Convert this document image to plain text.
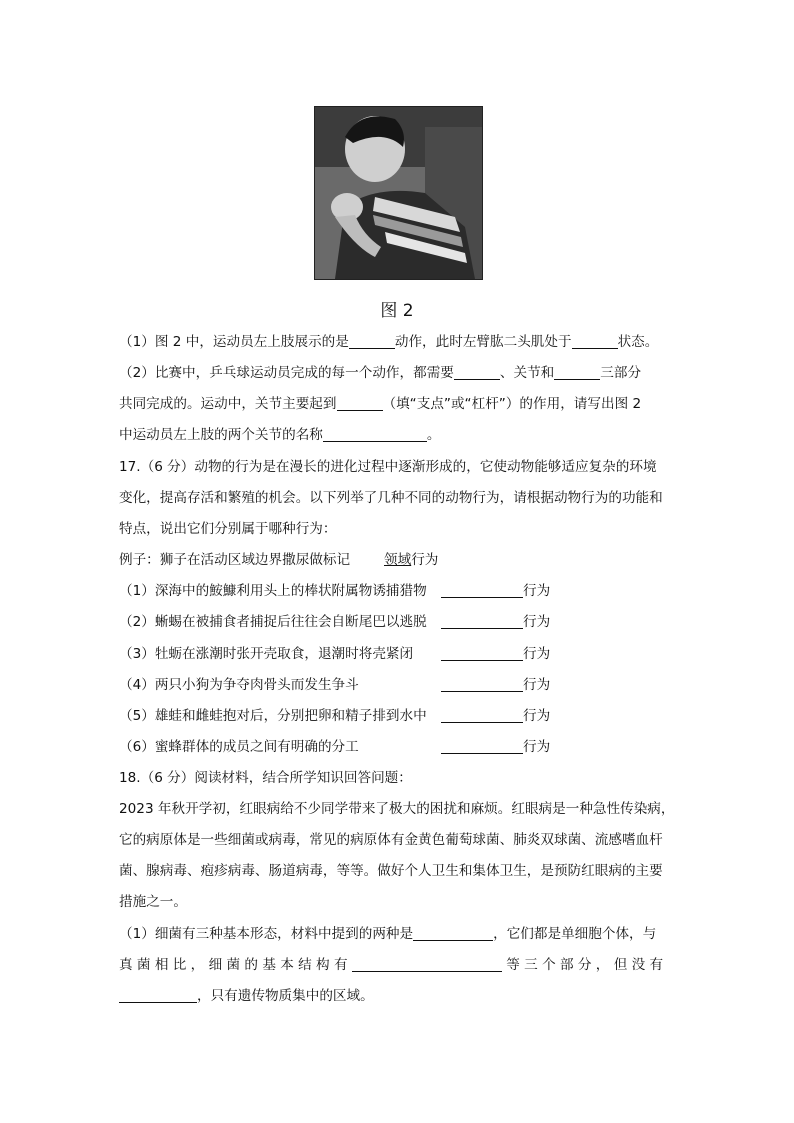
图 2
（1）图 2 中，运动员左上肢展示的是	动作，此时左臂肱二头肌处于	状态。
（2）比赛中，乒乓球运动员完成的每一个动作，都需要	、关节和	三部分
共同完成的。运动中，关节主要起到	（填“支点”或“杠杆”）的作用，请写出图 2
中运动员左上肢的两个关节的名称	。
17.（6 分）动物的行为是在漫长的进化过程中逐渐形成的，它使动物能够适应复杂的环境
变化，提高存活和繁殖的机会。以下列举了几种不同的动物行为，请根据动物行为的功能和
特点，说出它们分别属于哪种行为：
例子：狮子在活动区域边界撒尿做标记 领域行为
（1）深海中的鮟鱇利用头上的棒状附属物诱捕猎物	行为
（2）蜥蜴在被捕食者捕捉后往往会自断尾巴以逃脱	行为
（3）牡蛎在涨潮时张开壳取食，退潮时将壳紧闭	行为
（4）两只小狗为争夺肉骨头而发生争斗	行为
（5）雄蛙和雌蛙抱对后，分别把卵和精子排到水中	行为
（6）蜜蜂群体的成员之间有明确的分工	行为
18.（6 分）阅读材料，结合所学知识回答问题：
2023 年秋开学初，红眼病给不少同学带来了极大的困扰和麻烦。红眼病是一种急性传染病，
它的病原体是一些细菌或病毒，常见的病原体有金黄色葡萄球菌、肺炎双球菌、流感嗜血杆
菌、腺病毒、疱疹病毒、肠道病毒，等等。做好个人卫生和集体卫生，是预防红眼病的主要
措施之一。
（1）细菌有三种基本形态，材料中提到的两种是	，它们都是单细胞个体，与
真 菌 相 比 ， 细 菌 的 基 本 结 构 有	等 三 个 部 分 ， 但 没 有
，只有遗传物质集中的区域。
